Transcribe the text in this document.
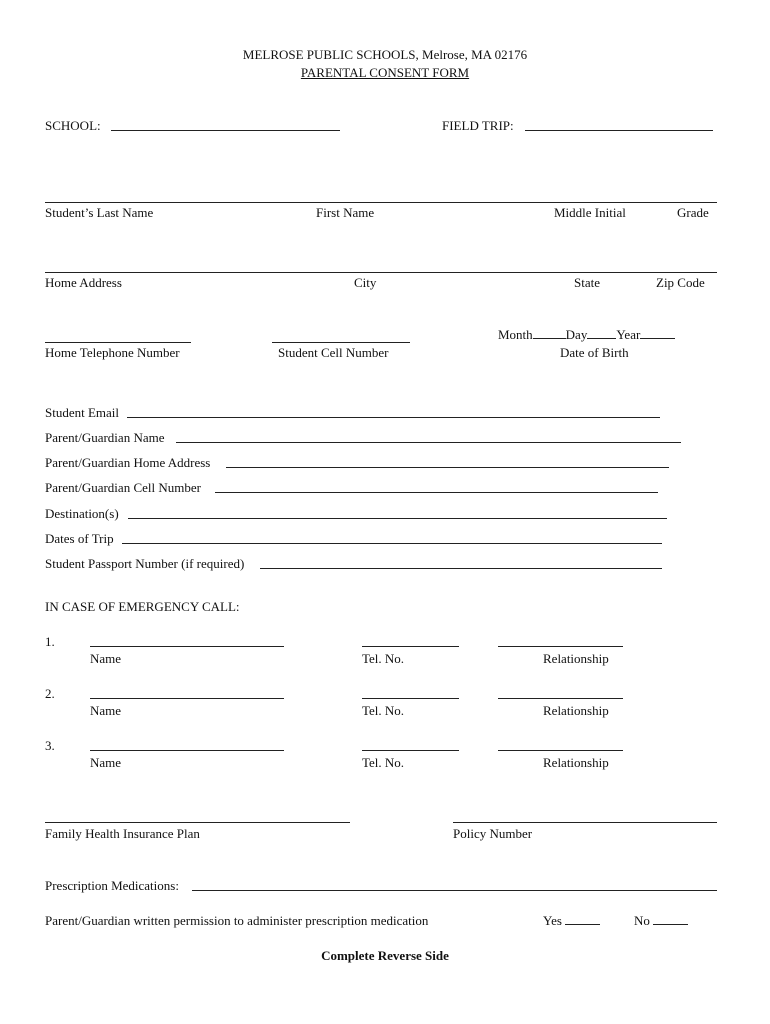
MELROSE PUBLIC SCHOOLS, Melrose, MA 02176
PARENTAL CONSENT FORM
SCHOOL:	FIELD TRIP:
Student’s Last Name	First Name	Middle Initial	Grade
Home Address	City	State	Zip Code
Month	Day Year
Home Telephone Number	Student Cell Number	Date of Birth
Student Email
Parent/Guardian Name
Parent/Guardian Home Address
Parent/Guardian Cell Number
Destination(s)
Dates of Trip
Student Passport Number (if required)
IN CASE OF EMERGENCY CALL:
1.
Name	Tel. No.	Relationship
2.
Name	Tel. No.	Relationship
3.
Name	Tel. No.	Relationship
Family Health Insurance Plan	Policy Number
Prescription Medications:
Parent/Guardian written permission to administer prescription medication	Yes	No
Complete Reverse Side
